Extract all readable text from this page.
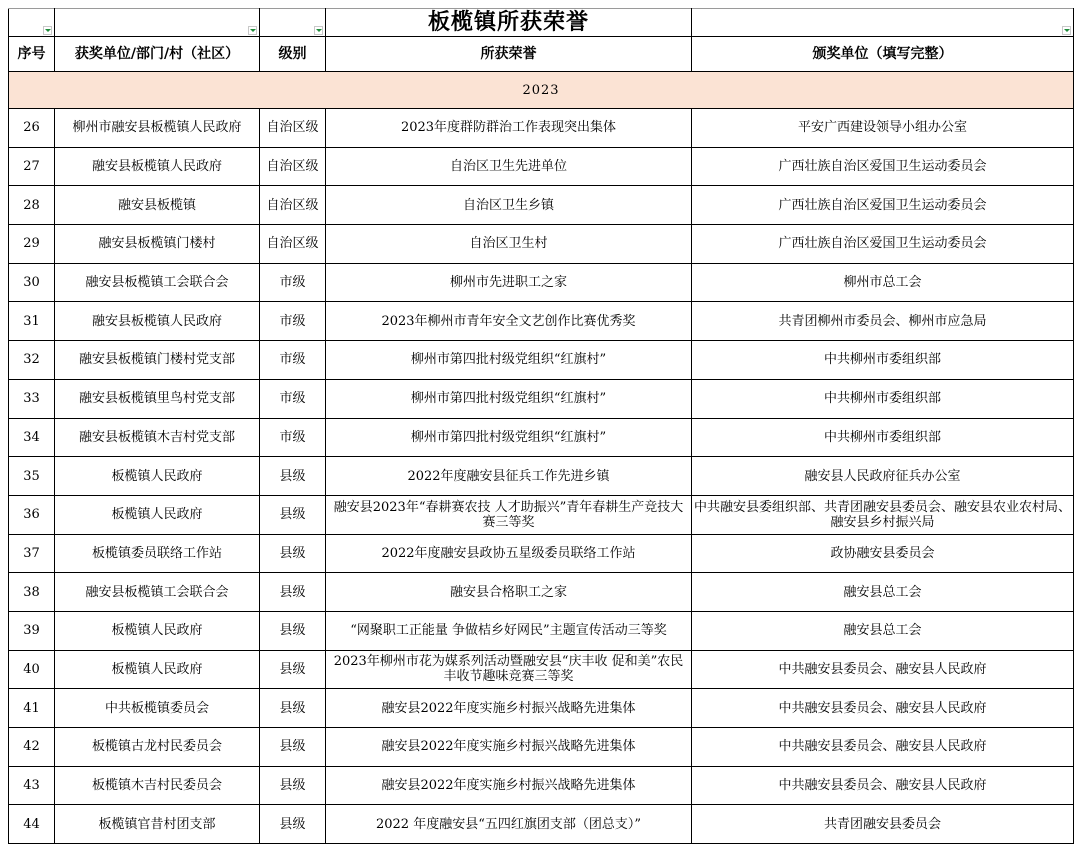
	板榄镇所获荣誉	

序号	获奖单位/部门/村（社区）	级别	所获荣誉	颁奖单位（填写完整）
2023				
26	柳州市融安县板榄镇人民政府	自治区级	2023年度群防群治工作表现突出集体	平安广西建设领导小组办公室
27	融安县板榄镇人民政府	自治区级	自治区卫生先进单位	广西壮族自治区爱国卫生运动委员会
28	融安县板榄镇	自治区级	自治区卫生乡镇	广西壮族自治区爱国卫生运动委员会
29	融安县板榄镇门楼村	自治区级	自治区卫生村	广西壮族自治区爱国卫生运动委员会
30	融安县板榄镇工会联合会	市级	柳州市先进职工之家	柳州市总工会
31	融安县板榄镇人民政府	市级	2023年柳州市青年安全文艺创作比赛优秀奖	共青团柳州市委员会、柳州市应急局
32	融安县板榄镇门楼村党支部	市级	柳州市第四批村级党组织“红旗村”	中共柳州市委组织部
33	融安县板榄镇里鸟村党支部	市级	柳州市第四批村级党组织“红旗村”	中共柳州市委组织部
34	融安县板榄镇木吉村党支部	市级	柳州市第四批村级党组织“红旗村”	中共柳州市委组织部
35	板榄镇人民政府	县级	2022年度融安县征兵工作先进乡镇	融安县人民政府征兵办公室
36	板榄镇人民政府	县级	融安县2023年“春耕赛农技 人才助振兴”青年春耕生产竞技大赛三等奖	中共融安县委组织部、共青团融安县委员会、融安县农业农村局、融安县乡村振兴局
37	板榄镇委员联络工作站	县级	2022年度融安县政协五星级委员联络工作站	政协融安县委员会
38	融安县板榄镇工会联合会	县级	融安县合格职工之家	融安县总工会
39	板榄镇人民政府	县级	“网聚职工正能量 争做桔乡好网民”主题宣传活动三等奖	融安县总工会
40	板榄镇人民政府	县级	2023年柳州市花为媒系列活动暨融安县“庆丰收 促和美”农民丰收节趣味竞赛三等奖	中共融安县委员会、融安县人民政府
41	中共板榄镇委员会	县级	融安县2022年度实施乡村振兴战略先进集体	中共融安县委员会、融安县人民政府
42	板榄镇古龙村民委员会	县级	融安县2022年度实施乡村振兴战略先进集体	中共融安县委员会、融安县人民政府
43	板榄镇木吉村民委员会	县级	融安县2022年度实施乡村振兴战略先进集体	中共融安县委员会、融安县人民政府
44	板榄镇官昔村团支部	县级	2022 年度融安县“五四红旗团支部（团总支）”	共青团融安县委员会
